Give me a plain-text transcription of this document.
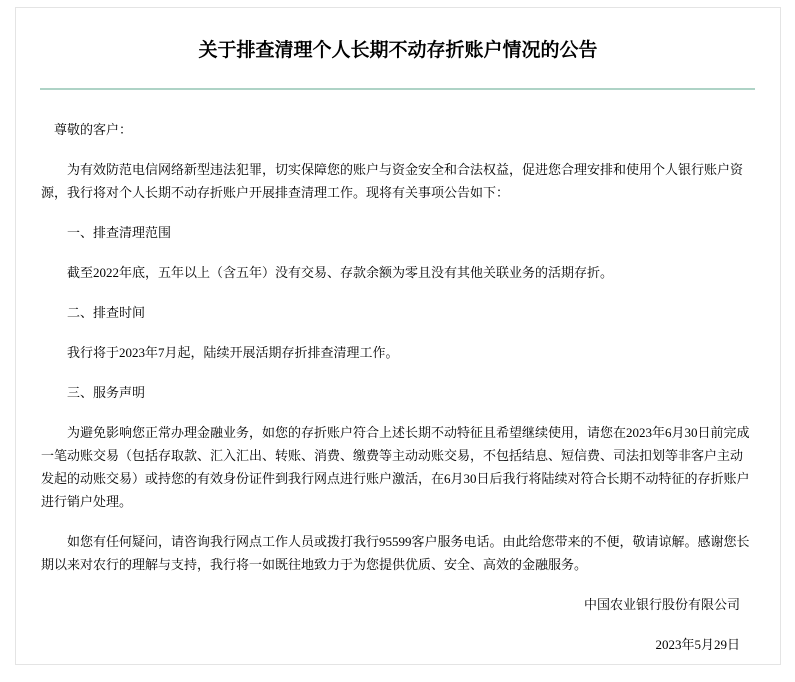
关于排查清理个人长期不动存折账户情况的公告

尊敬的客户：

为有效防范电信网络新型违法犯罪，切实保障您的账户与资金安全和合法权益，促进您合理安排和使用个人银行账户资源，我行将对个人长期不动存折账户开展排查清理工作。现将有关事项公告如下：

一、排查清理范围

截至2022年底，五年以上（含五年）没有交易、存款余额为零且没有其他关联业务的活期存折。

二、排查时间

我行将于2023年7月起，陆续开展活期存折排查清理工作。

三、服务声明

为避免影响您正常办理金融业务，如您的存折账户符合上述长期不动特征且希望继续使用，请您在2023年6月30日前完成一笔动账交易（包括存取款、汇入汇出、转账、消费、缴费等主动动账交易，不包括结息、短信费、司法扣划等非客户主动发起的动账交易）或持您的有效身份证件到我行网点进行账户激活，在6月30日后我行将陆续对符合长期不动特征的存折账户进行销户处理。

如您有任何疑问，请咨询我行网点工作人员或拨打我行95599客户服务电话。由此给您带来的不便，敬请谅解。感谢您长期以来对农行的理解与支持，我行将一如既往地致力于为您提供优质、安全、高效的金融服务。

中国农业银行股份有限公司

2023年5月29日
